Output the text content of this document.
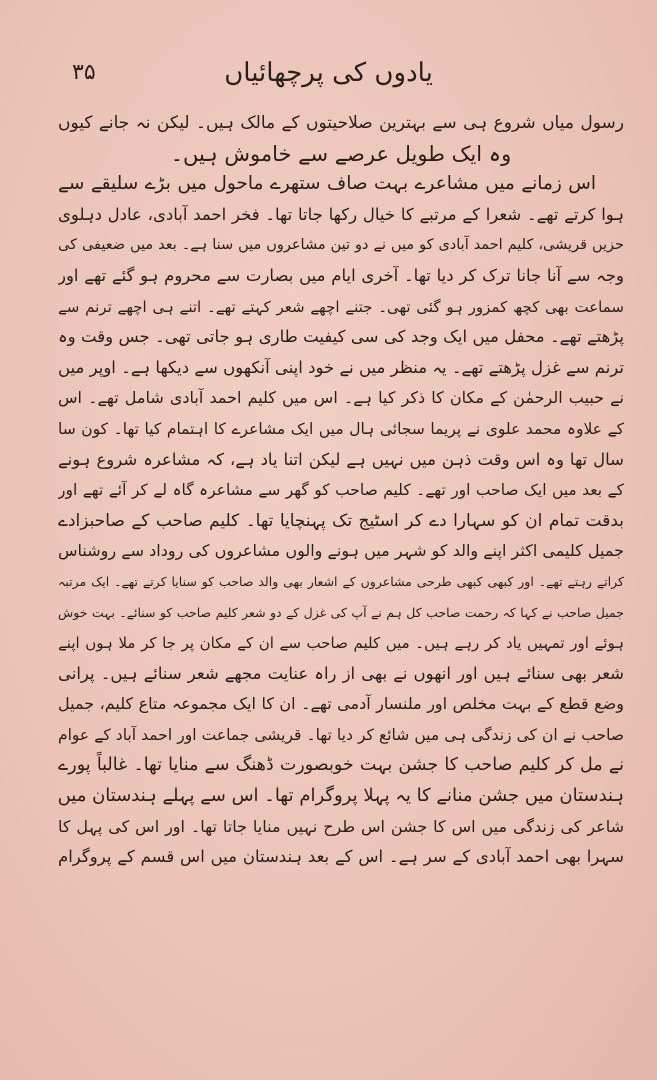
۳۵	یادوں کی پرچھائیاں
رسول میاں شروع ہی سے بہترین صلاحیتوں کے مالک ہیں۔ لیکن نہ جانے کیوں
وہ ایک طویل عرصے سے خاموش ہیں۔
اس زمانے میں مشاعرے بہت صاف ستھرے ماحول میں بڑے سلیقے سے
ہوا کرتے تھے۔ شعرا کے مرتبے کا خیال رکھا جاتا تھا۔ فخر احمد آبادی، عادل دہلوی
حزیں قریشی، کلیم احمد آبادی کو میں نے دو تین مشاعروں میں سنا ہے۔ بعد میں ضعیفی کی
وجہ سے آنا جانا ترک کر دیا تھا۔ آخری ایام میں بصارت سے محروم ہو گئے تھے اور
سماعت بھی کچھ کمزور ہو گئی تھی۔ جتنے اچھے شعر کہتے تھے۔ اتنے ہی اچھے ترنم سے
پڑھتے تھے۔ محفل میں ایک وجد کی سی کیفیت طاری ہو جاتی تھی۔ جس وقت وہ
ترنم سے غزل پڑھتے تھے۔ یہ منظر میں نے خود اپنی آنکھوں سے دیکھا ہے۔ اوپر میں
نے حبیب الرحمٰن کے مکان کا ذکر کیا ہے۔ اس میں کلیم احمد آبادی شامل تھے۔ اس
کے علاوہ محمد علوی نے پریما سجائی ہال میں ایک مشاعرے کا اہتمام کیا تھا۔ کون سا
سال تھا وہ اس وقت ذہن میں نہیں ہے لیکن اتنا یاد ہے، کہ مشاعرہ شروع ہونے
کے بعد میں ایک صاحب اور تھے۔ کلیم صاحب کو گھر سے مشاعرہ گاہ لے کر آئے تھے اور
بدقت تمام ان کو سہارا دے کر اسٹیج تک پہنچایا تھا۔ کلیم صاحب کے صاحبزادے
جمیل کلیمی اکثر اپنے والد کو شہر میں ہونے والوں مشاعروں کی روداد سے روشناس
کراتے رہتے تھے۔ اور کبھی کبھی طرحی مشاعروں کے اشعار بھی والد صاحب کو سنایا کرتے تھے۔ ایک مرتبہ
جمیل صاحب نے کہا کہ رحمت صاحب کل ہم نے آپ کی غزل کے دو شعر کلیم صاحب کو سنائے۔ بہت خوش
ہوئے اور تمہیں یاد کر رہے ہیں۔ میں کلیم صاحب سے ان کے مکان پر جا کر ملا ہوں اپنے
شعر بھی سنائے ہیں اور انھوں نے بھی از راہ عنایت مجھے شعر سنائے ہیں۔ پرانی
وضع قطع کے بہت مخلص اور ملنسار آدمی تھے۔ ان کا ایک مجموعہ متاع کلیم، جمیل
صاحب نے ان کی زندگی ہی میں شائع کر دیا تھا۔ قریشی جماعت اور احمد آباد کے عوام
نے مل کر کلیم صاحب کا جشن بہت خوبصورت ڈھنگ سے منایا تھا۔ غالباً پورے
ہندستان میں جشن منانے کا یہ پہلا پروگرام تھا۔ اس سے پہلے ہندستان میں
شاعر کی زندگی میں اس کا جشن اس طرح نہیں منایا جاتا تھا۔ اور اس کی پہل کا
سہرا بھی احمد آبادی کے سر ہے۔ اس کے بعد ہندستان میں اس قسم کے پروگرام
